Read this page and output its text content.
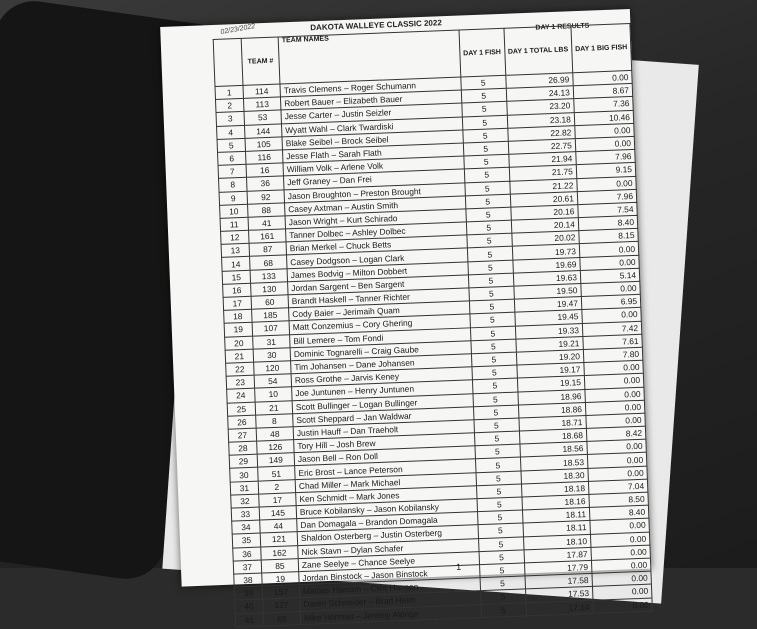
02/23/2022	DAKOTA WALLEYE CLASSIC 2022	DAY 1 RESULTS
	TEAM #	TEAM NAMES	DAY 1 FISH	DAY 1 TOTAL LBS	DAY 1 BIG FISH
1	114	Travis Clemens – Roger Schumann	5	26.99	0.00
2	113	Robert Bauer – Elizabeth Bauer	5	24.13	8.67
3	53	Jesse Carter – Justin Seizler	5	23.20	7.36
4	144	Wyatt Wahl – Clark Twardiski	5	23.18	10.46
5	105	Blake Seibel – Brock Seibel	5	22.82	0.00
6	116	Jesse Flath – Sarah Flath	5	22.75	0.00
7	16	William Volk – Arlene Volk	5	21.94	7.96
8	36	Jeff Graney – Dan Frei	5	21.75	9.15
9	92	Jason Broughton – Preston Brought	5	21.22	0.00
10	88	Casey Axtman – Austin Smith	5	20.61	7.96
11	41	Jason Wright – Kurt Schirado	5	20.16	7.54
12	161	Tanner Dolbec – Ashley Dolbec	5	20.14	8.40
13	87	Brian Merkel – Chuck Betts	5	20.02	8.15
14	68	Casey Dodgson – Logan Clark	5	19.73	0.00
15	133	James Bodvig – Milton Dobbert	5	19.69	0.00
16	130	Jordan Sargent – Ben Sargent	5	19.63	5.14
17	60	Brandt Haskell – Tanner Richter	5	19.50	0.00
18	185	Cody Baier – Jerimaih Quam	5	19.47	6.95
19	107	Matt Conzemius – Cory Ghering	5	19.45	0.00
20	31	Bill Lemere – Tom Fondi	5	19.33	7.42
21	30	Dominic Tognarelli – Craig Gaube	5	19.21	7.61
22	120	Tim Johansen – Dane Johansen	5	19.20	7.80
23	54	Ross Grothe – Jarvis Keney	5	19.17	0.00
24	10	Joe Juntunen – Henry Juntunen	5	19.15	0.00
25	21	Scott Bullinger – Logan Bullinger	5	18.96	0.00
26	8	Scott Sheppard – Jan Waldwar	5	18.86	0.00
27	48	Justin Hauff – Dan Traeholt	5	18.71	0.00
28	126	Tory Hill – Josh Brew	5	18.68	8.42
29	149	Jason Bell – Ron Doll	5	18.56	0.00
30	51	Eric Brost – Lance Peterson	5	18.53	0.00
31	2	Chad Miller – Mark Michael	5	18.30	0.00
32	17	Ken Schmidt – Mark Jones	5	18.18	7.04
33	145	Bruce Kobilansky – Jason Kobilansky	5	18.16	8.50
34	44	Dan Domagala – Brandon Domagala	5	18.11	8.40
35	121	Shaldon Osterberg – Justin Osterberg	5	18.11	0.00
36	162	Nick Stavn – Dylan Schafer	5	18.10	0.00
37	85	Zane Seelye – Chance Seelye	5	17.87	0.00
38	19	Jordan Binstock – Jason Binstock	5	17.79	0.00
39	157	Mattias Hanson – Clint Hanson	5	17.58	0.00
40	127	Daren Schneider – Brad Heim	5	17.53	0.00
41	69	Mike Herman – Jeremy Alonge	5	17.14	0.00
1
